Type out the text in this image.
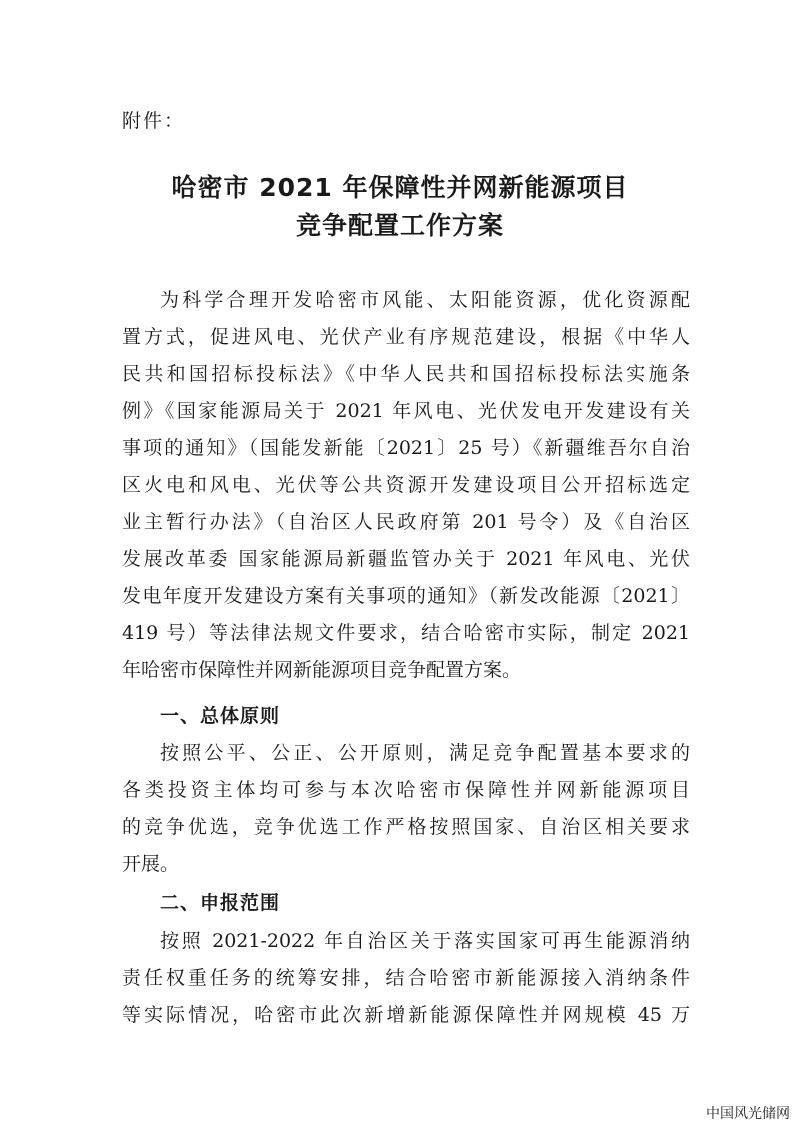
附件：
哈密市 2021 年保障性并网新能源项目
竞争配置工作方案
为科学合理开发哈密市风能、太阳能资源，优化资源配
置方式，促进风电、光伏产业有序规范建设，根据《中华人
民共和国招标投标法》《中华人民共和国招标投标法实施条
例》《国家能源局关于 2021 年风电、光伏发电开发建设有关
事项的通知》（国能发新能〔2021〕25 号）《新疆维吾尔自治
区火电和风电、光伏等公共资源开发建设项目公开招标选定
业主暂行办法》（自治区人民政府第 201 号令）及《自治区
发展改革委 国家能源局新疆监管办关于 2021 年风电、光伏
发电年度开发建设方案有关事项的通知》（新发改能源〔2021〕
419 号）等法律法规文件要求，结合哈密市实际，制定 2021
年哈密市保障性并网新能源项目竞争配置方案。
一、总体原则
按照公平、公正、公开原则，满足竞争配置基本要求的
各类投资主体均可参与本次哈密市保障性并网新能源项目
的竞争优选，竞争优选工作严格按照国家、自治区相关要求
开展。
二、申报范围
按照 2021-2022 年自治区关于落实国家可再生能源消纳
责任权重任务的统筹安排，结合哈密市新能源接入消纳条件
等实际情况，哈密市此次新增新能源保障性并网规模 45 万
中国风光储网
